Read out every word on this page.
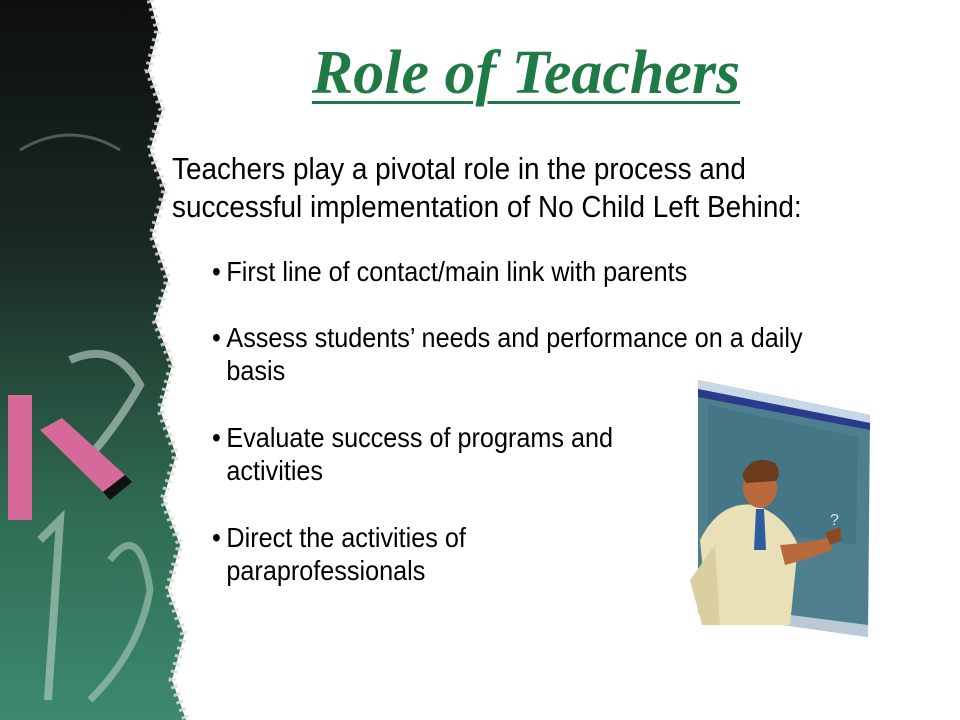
Role of Teachers

Teachers play a pivotal role in the process and successful implementation of No Child Left Behind:

• First line of contact/main link with parents
• Assess students’ needs and performance on a daily basis
• Evaluate success of programs and activities
• Direct the activities of paraprofessionals
?
